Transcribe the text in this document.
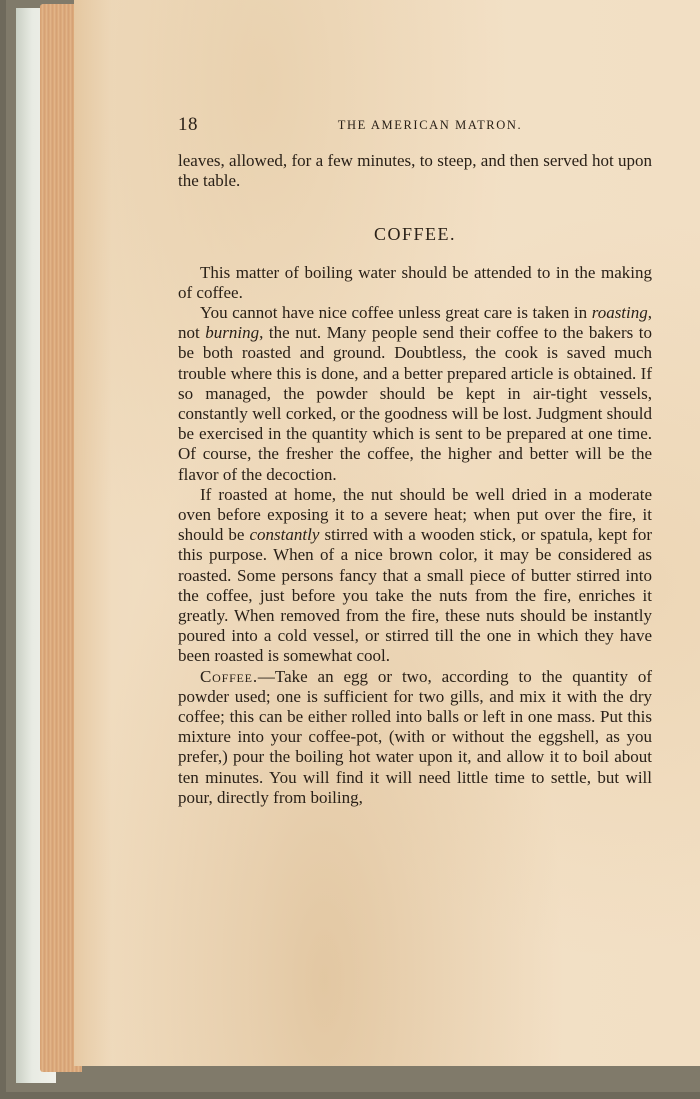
18	THE AMERICAN MATRON.

leaves, allowed, for a few minutes, to steep, and then served hot upon the table.

COFFEE.

This matter of boiling water should be attended to in the making of coffee.

You cannot have nice coffee unless great care is taken in roasting, not burning, the nut. Many people send their coffee to the bakers to be both roasted and ground. Doubtless, the cook is saved much trouble where this is done, and a better prepared article is obtained. If so managed, the powder should be kept in air-tight vessels, constantly well corked, or the goodness will be lost. Judgment should be exercised in the quantity which is sent to be prepared at one time. Of course, the fresher the coffee, the higher and better will be the flavor of the decoction.

If roasted at home, the nut should be well dried in a moderate oven before exposing it to a severe heat; when put over the fire, it should be constantly stirred with a wooden stick, or spatula, kept for this purpose. When of a nice brown color, it may be considered as roasted. Some persons fancy that a small piece of butter stirred into the coffee, just before you take the nuts from the fire, enriches it greatly. When removed from the fire, these nuts should be instantly poured into a cold vessel, or stirred till the one in which they have been roasted is somewhat cool.

Coffee.—Take an egg or two, according to the quantity of powder used; one is sufficient for two gills, and mix it with the dry coffee; this can be either rolled into balls or left in one mass. Put this mixture into your coffee-pot, (with or without the eggshell, as you prefer,) pour the boiling hot water upon it, and allow it to boil about ten minutes. You will find it will need little time to settle, but will pour, directly from boiling,
